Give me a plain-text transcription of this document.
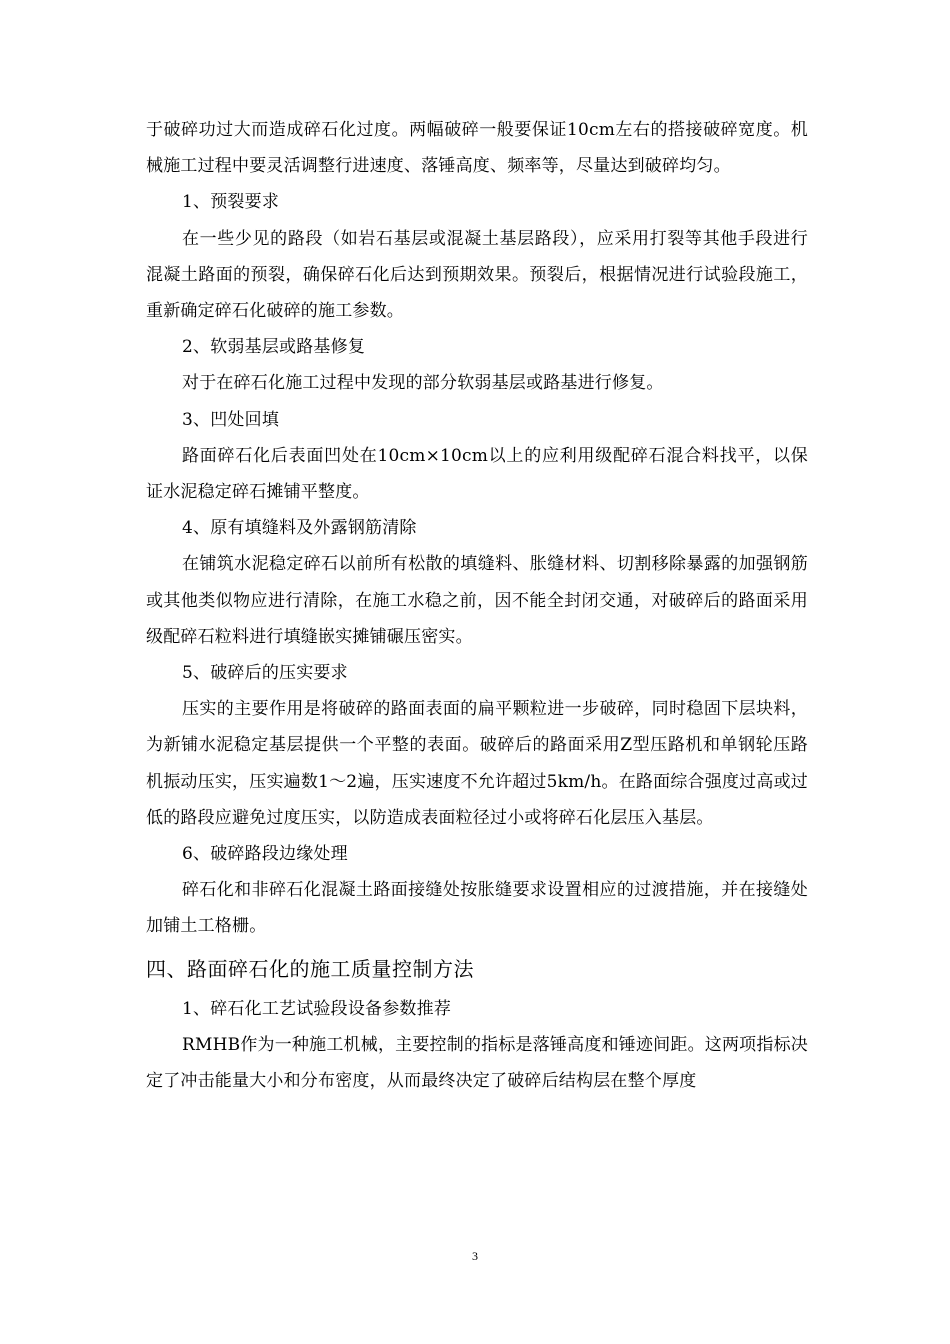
于破碎功过大而造成碎石化过度。两幅破碎一般要保证10cm左右的搭接破碎宽度。机械施工过程中要灵活调整行进速度、落锤高度、频率等，尽量达到破碎均匀。

1、预裂要求

在一些少见的路段（如岩石基层或混凝土基层路段），应采用打裂等其他手段进行混凝土路面的预裂，确保碎石化后达到预期效果。预裂后，根据情况进行试验段施工，重新确定碎石化破碎的施工参数。

2、软弱基层或路基修复

对于在碎石化施工过程中发现的部分软弱基层或路基进行修复。

3、凹处回填

路面碎石化后表面凹处在10cm×10cm以上的应利用级配碎石混合料找平，以保证水泥稳定碎石摊铺平整度。

4、原有填缝料及外露钢筋清除

在铺筑水泥稳定碎石以前所有松散的填缝料、胀缝材料、切割移除暴露的加强钢筋或其他类似物应进行清除，在施工水稳之前，因不能全封闭交通，对破碎后的路面采用级配碎石粒料进行填缝嵌实摊铺碾压密实。

5、破碎后的压实要求

压实的主要作用是将破碎的路面表面的扁平颗粒进一步破碎，同时稳固下层块料，为新铺水泥稳定基层提供一个平整的表面。破碎后的路面采用Z型压路机和单钢轮压路机振动压实，压实遍数1～2遍，压实速度不允许超过5km/h。在路面综合强度过高或过低的路段应避免过度压实，以防造成表面粒径过小或将碎石化层压入基层。

6、破碎路段边缘处理

碎石化和非碎石化混凝土路面接缝处按胀缝要求设置相应的过渡措施，并在接缝处加铺土工格栅。

四、路面碎石化的施工质量控制方法

1、碎石化工艺试验段设备参数推荐

RMHB作为一种施工机械，主要控制的指标是落锤高度和锤迹间距。这两项指标决定了冲击能量大小和分布密度，从而最终决定了破碎后结构层在整个厚度

3
